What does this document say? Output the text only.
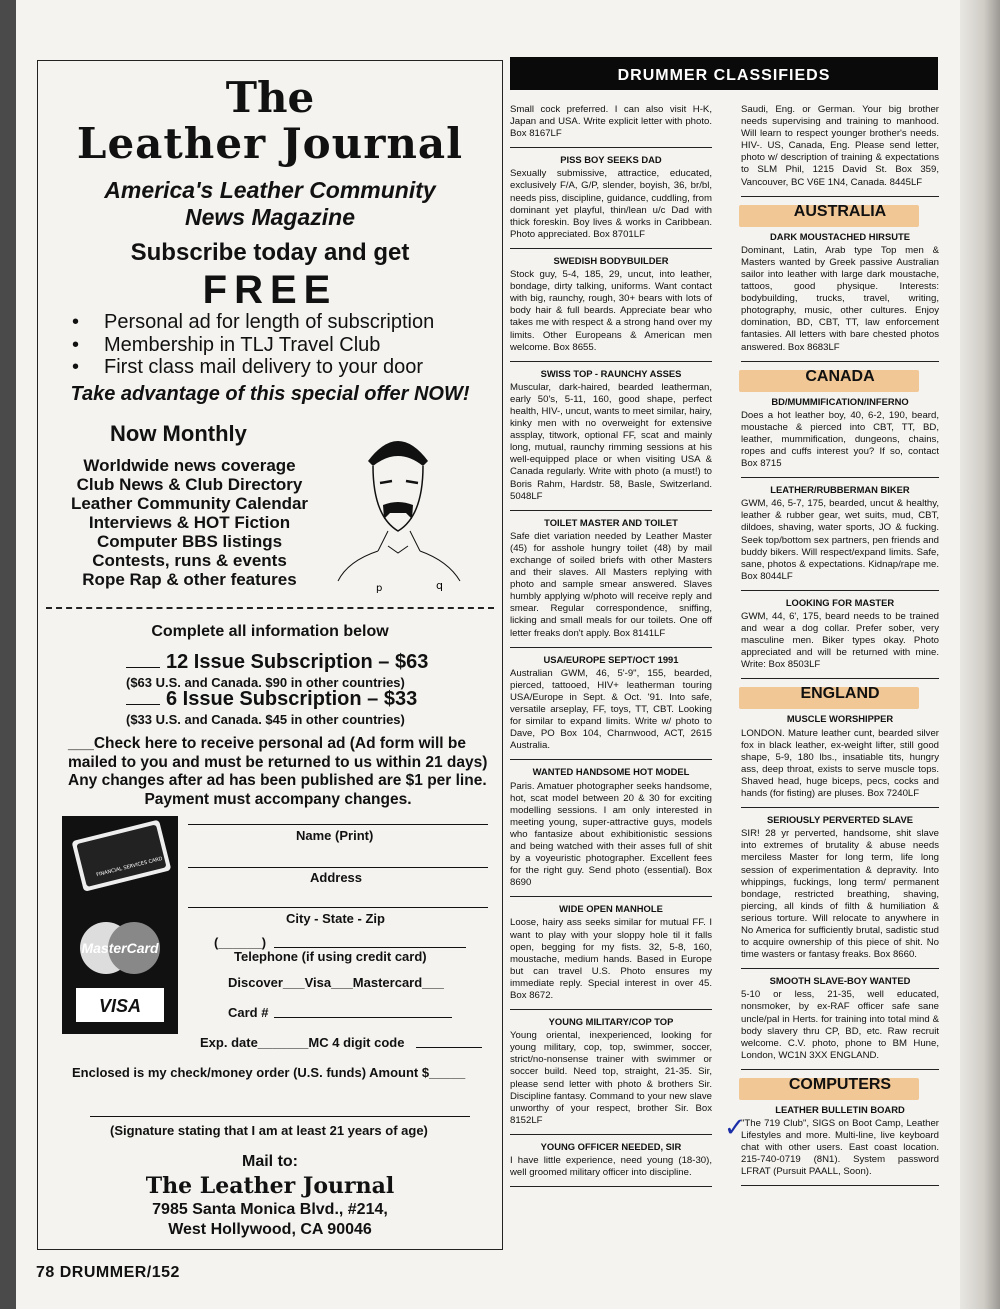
The
Leather Journal
America's Leather Community
News Magazine
Subscribe today and get
FREE
• Personal ad for length of subscription
• Membership in TLJ Travel Club
• First class mail delivery to your door
Take advantage of this special offer NOW!
Now Monthly
Worldwide news coverage
Club News & Club Directory
Leather Community Calendar
Interviews & HOT Fiction
Computer BBS listings
Contests, runs & events
Rope Rap & other features	p	q
Complete all information below
12 Issue Subscription – $63
($63 U.S. and Canada. $90 in other countries)
6 Issue Subscription – $33
($33 U.S. and Canada. $45 in other countries)
___Check here to receive personal ad (Ad form will be
mailed to you and must be returned to us within 21 days)
Any changes after ad has been published are $1 per line.
Payment must accompany changes.
FINANCIAL SERVICES CARD
MasterCard
VISA
Name (Print)
Address
City - State - Zip
(______)
Telephone (if using credit card)
Discover___Visa___Mastercard___
Card #
Exp. date_______MC 4 digit code
Enclosed is my check/money order (U.S. funds) Amount $_____
(Signature stating that I am at least 21 years of age)
Mail to:
The Leather Journal
7985 Santa Monica Blvd., #214,
West Hollywood, CA 90046
DRUMMER CLASSIFIEDS

Small cock preferred. I can also visit H-K, Japan and USA. Write explicit letter with photo. Box 8167LF

PISS BOY SEEKS DAD

Sexually submissive, attractice, educated, exclusively F/A, G/P, slender, boyish, 36, br/bl, needs piss, discipline, guidance, cuddling, from dominant yet playful, thin/lean u/c Dad with thick foreskin. Boy lives & works in Caribbean. Photo appreciated. Box 8701LF

SWEDISH BODYBUILDER

Stock guy, 5-4, 185, 29, uncut, into leather, bondage, dirty talking, uniforms. Want contact with big, raunchy, rough, 30+ bears with lots of body hair & full beards. Appreciate bear who takes me with respect & a strong hand over my limits. Other Europeans & American men welcome. Box 8655.

SWISS TOP - RAUNCHY ASSES

Muscular, dark-haired, bearded leatherman, early 50's, 5-11, 160, good shape, perfect health, HIV-, uncut, wants to meet similar, hairy, kinky men with no overweight for extensive assplay, titwork, optional FF, scat and mainly long, mutual, raunchy rimming sessions at his well-equipped place or when visiting USA & Canada regularly. Write with photo (a must!) to Boris Rahm, Hardstr. 58, Basle, Switzerland. 5048LF

TOILET MASTER AND TOILET

Safe diet variation needed by Leather Master (45) for asshole hungry toilet (48) by mail exchange of soiled briefs with other Masters and their slaves. All Masters replying with photo and sample smear answered. Slaves humbly applying w/photo will receive reply and smear. Regular correspondence, sniffing, licking and small meals for our toilets. One off letter freaks don't apply. Box 8141LF

USA/EUROPE SEPT/OCT 1991

Australian GWM, 46, 5'-9", 155, bearded, pierced, tattooed, HIV+ leatherman touring USA/Europe in Sept. & Oct. '91. Into safe, versatile arseplay, FF, toys, TT, CBT. Looking for similar to expand limits. Write w/ photo to Dave, PO Box 104, Charnwood, ACT, 2615 Australia.

WANTED HANDSOME HOT MODEL

Paris. Amatuer photographer seeks handsome, hot, scat model between 20 & 30 for exciting modelling sessions. I am only interested in meeting young, super-attractive guys, models who fantasize about exhibitionistic sessions and being watched with their asses full of shit by a voyeuristic photographer. Excellent fees for the right guy. Send photo (essential). Box 8690

WIDE OPEN MANHOLE

Loose, hairy ass seeks similar for mutual FF. I want to play with your sloppy hole til it falls open, begging for my fists. 32, 5-8, 160, moustache, medium hands. Based in Europe but can travel U.S. Photo ensures my immediate reply. Special interest in over 45. Box 8672.

YOUNG MILITARY/COP TOP

Young oriental, inexperienced, looking for young military, cop, top, swimmer, soccer, strict/no-nonsense trainer with swimmer or soccer build. Need top, straight, 21-35. Sir, please send letter with photo & brothers Sir. Discipline fantasy. Command to your new slave unworthy of your respect, brother Sir. Box 8152LF

YOUNG OFFICER NEEDED, SIR

I have little experience, need young (18-30), well groomed military officer into discipline.

Saudi, Eng. or German. Your big brother needs supervising and training to manhood. Will learn to respect younger brother's needs. HIV-. US, Canada, Eng. Please send letter, photo w/ description of training & expectations to SLM Phil, 1215 David St. Box 359, Vancouver, BC V6E 1N4, Canada. 8445LF

AUSTRALIA
DARK MOUSTACHED HIRSUTE

Dominant, Latin, Arab type Top men & Masters wanted by Greek passive Australian sailor into leather with large dark moustache, tattoos, good physique. Interests: bodybuilding, trucks, travel, writing, photography, music, other cultures. Enjoy domination, BD, CBT, TT, law enforcement fantasies. All letters with bare chested photos answered. Box 8683LF

CANADA
BD/MUMMIFICATION/INFERNO

Does a hot leather boy, 40, 6-2, 190, beard, moustache & pierced into CBT, TT, BD, leather, mummification, dungeons, chains, ropes and cuffs interest you? If so, contact Box 8715

LEATHER/RUBBERMAN BIKER

GWM, 46, 5-7, 175, bearded, uncut & healthy, leather & rubber gear, wet suits, mud, CBT, dildoes, shaving, water sports, JO & fucking. Seek top/bottom sex partners, pen friends and buddy bikers. Will respect/expand limits. Safe, sane, photos & expectations. Kidnap/rape me. Box 8044LF

LOOKING FOR MASTER

GWM, 44, 6', 175, beard needs to be trained and wear a dog collar. Prefer sober, very masculine men. Biker types okay. Photo appreciated and will be returned with mine. Write: Box 8503LF

ENGLAND
MUSCLE WORSHIPPER

LONDON. Mature leather cunt, bearded silver fox in black leather, ex-weight lifter, still good shape, 5-9, 180 lbs., insatiable tits, hungry ass, deep throat, exists to serve muscle tops. Shaved head, huge biceps, pecs, cocks and hands (for fisting) are pluses. Box 7240LF

SERIOUSLY PERVERTED SLAVE

SIR! 28 yr perverted, handsome, shit slave into extremes of brutality & abuse needs merciless Master for long term, life long session of experimentation & depravity. Into whippings, fuckings, long term/ permanent bondage, restricted breathing, shaving, piercing, all kinds of filth & humiliation & serious torture. Will relocate to anywhere in No America for sufficiently brutal, sadistic stud to acquire ownership of this piece of shit. No time wasters or fantasy freaks. Box 8660.

SMOOTH SLAVE-BOY WANTED

5-10 or less, 21-35, well educated, nonsmoker, by ex-RAF officer safe sane uncle/pal in Herts. for training into total mind & body slavery thru CP, BD, etc. Raw recruit welcome. C.V. photo, phone to BM Hune, London, WC1N 3XX ENGLAND.

COMPUTERS
LEATHER BULLETIN BOARD

"The 719 Club", SIGS on Boot Camp, Leather Lifestyles and more. Multi-line, live keyboard chat with other users. East coast location. 215-740-0719 (8N1). System password LFRAT (Pursuit PAALL, Soon).

✓
78 DRUMMER/152
